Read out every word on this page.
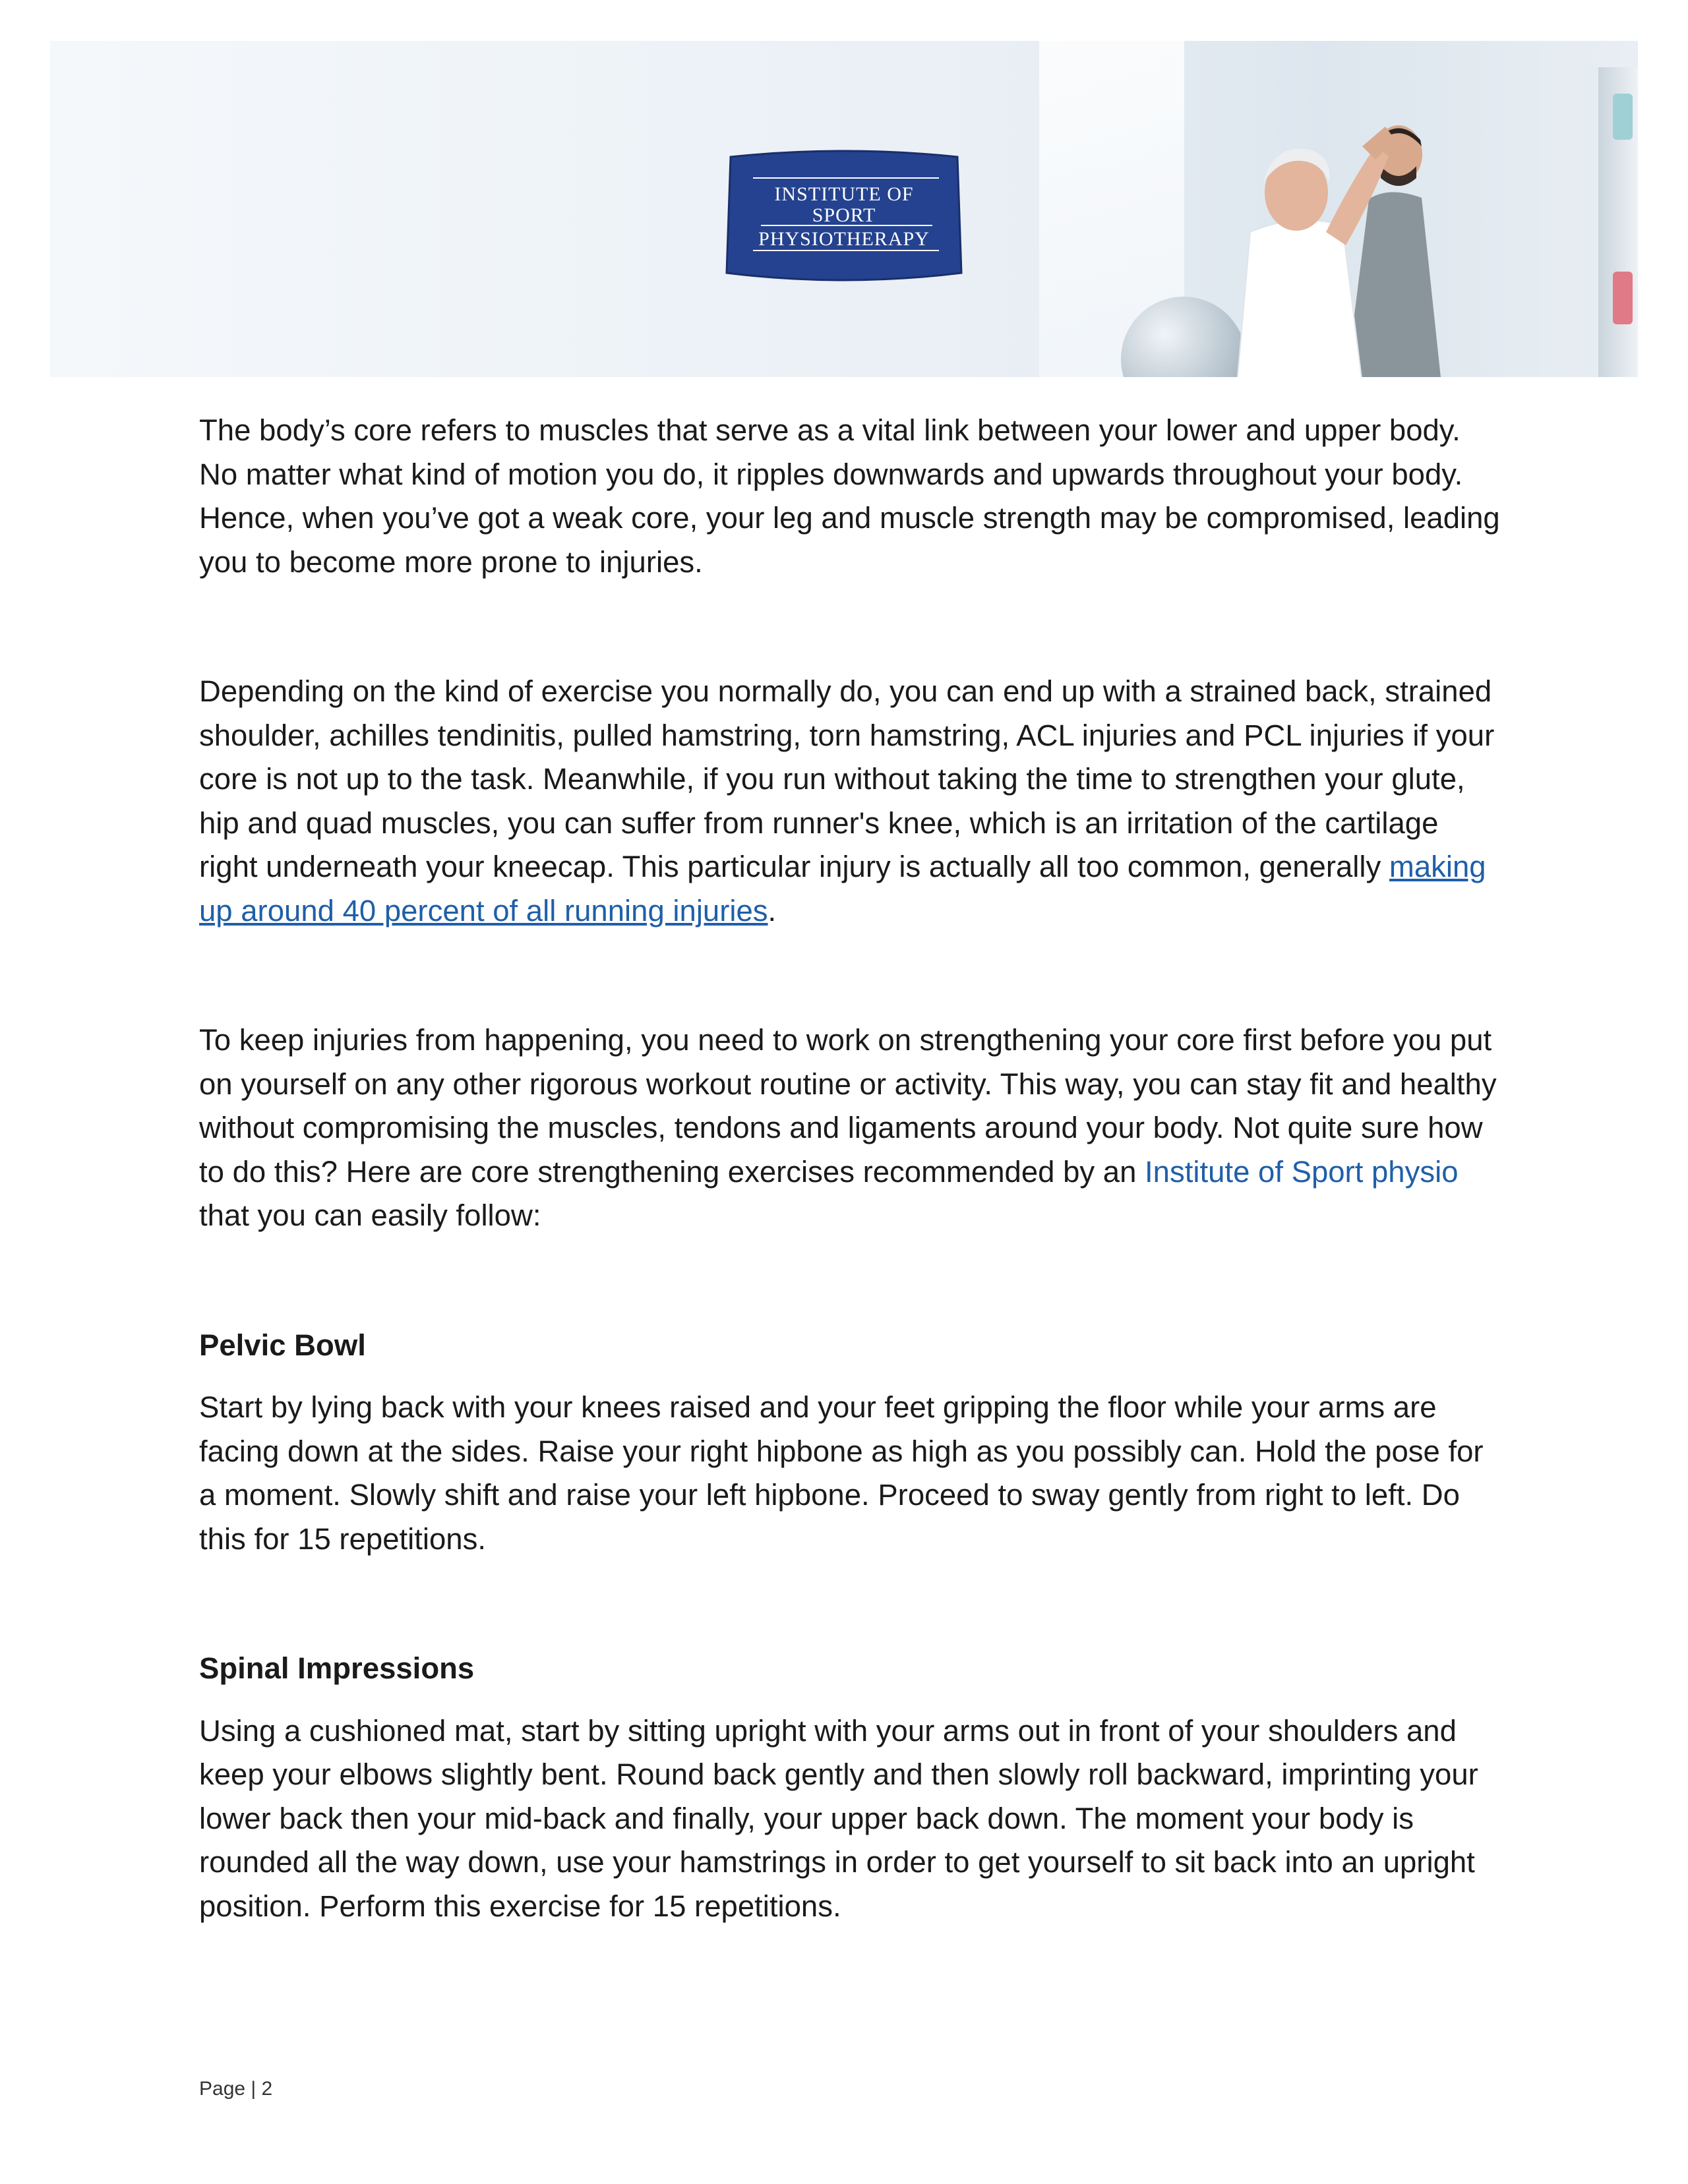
INSTITUTE OF
SPORT
PHYSIOTHERAPY

The body’s core refers to muscles that serve as a vital link between your lower and upper body. No matter what kind of motion you do, it ripples downwards and upwards throughout your body. Hence, when you’ve got a weak core, your leg and muscle strength may be compromised, leading you to become more prone to injuries.

Depending on the kind of exercise you normally do, you can end up with a strained back, strained shoulder, achilles tendinitis, pulled hamstring, torn hamstring, ACL injuries and PCL injuries if your core is not up to the task. Meanwhile, if you run without taking the time to strengthen your glute, hip and quad muscles, you can suffer from runner's knee, which is an irritation of the cartilage right underneath your kneecap. This particular injury is actually all too common, generally making up around 40 percent of all running injuries.

To keep injuries from happening, you need to work on strengthening your core first before you put on yourself on any other rigorous workout routine or activity. This way, you can stay fit and healthy without compromising the muscles, tendons and ligaments around your body. Not quite sure how to do this? Here are core strengthening exercises recommended by an Institute of Sport physio that you can easily follow:

Pelvic Bowl

Start by lying back with your knees raised and your feet gripping the floor while your arms are facing down at the sides. Raise your right hipbone as high as you possibly can. Hold the pose for a moment. Slowly shift and raise your left hipbone. Proceed to sway gently from right to left. Do this for 15 repetitions.

Spinal Impressions

Using a cushioned mat, start by sitting upright with your arms out in front of your shoulders and keep your elbows slightly bent. Round back gently and then slowly roll backward, imprinting your lower back then your mid-back and finally, your upper back down. The moment your body is rounded all the way down, use your hamstrings in order to get yourself to sit back into an upright position. Perform this exercise for 15 repetitions.

Page | 2
